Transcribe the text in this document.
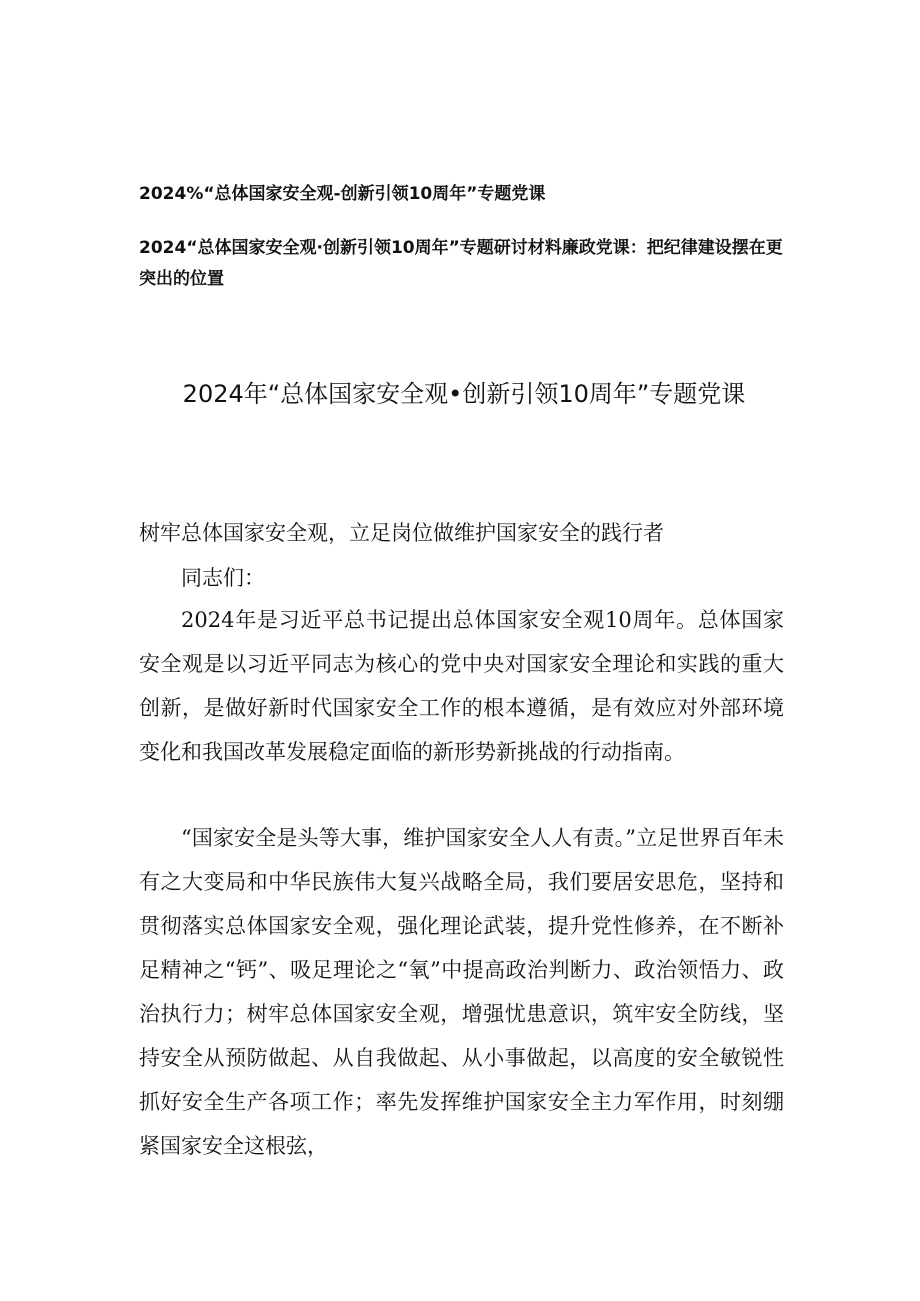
2024%“总体国家安全观-创新引领10周年”专题党课
2024“总体国家安全观·创新引领10周年”专题研讨材料廉政党课：把纪律建设摆在更突出的位置
2024年“总体国家安全观•创新引领10周年”专题党课
树牢总体国家安全观，立足岗位做维护国家安全的践行者

同志们：

2024年是习近平总书记提出总体国家安全观10周年。总体国家安全观是以习近平同志为核心的党中央对国家安全理论和实践的重大创新，是做好新时代国家安全工作的根本遵循，是有效应对外部环境变化和我国改革发展稳定面临的新形势新挑战的行动指南。

“国家安全是头等大事，维护国家安全人人有责。”立足世界百年未有之大变局和中华民族伟大复兴战略全局，我们要居安思危，坚持和贯彻落实总体国家安全观，强化理论武装，提升党性修养，在不断补足精神之“钙”、吸足理论之“氧”中提高政治判断力、政治领悟力、政治执行力；树牢总体国家安全观，增强忧患意识，筑牢安全防线，坚持安全从预防做起、从自我做起、从小事做起，以高度的安全敏锐性抓好安全生产各项工作；率先发挥维护国家安全主力军作用，时刻绷紧国家安全这根弦，
